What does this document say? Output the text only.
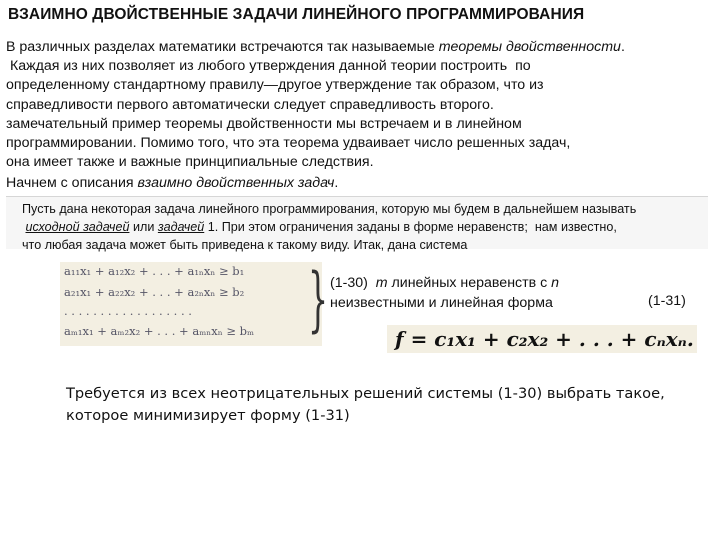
ВЗАИМНО ДВОЙСТВЕННЫЕ ЗАДАЧИ ЛИНЕЙНОГО ПРОГРАММИРОВАНИЯ
В различных разделах математики встречаются так называемые теоремы двойственности.
Каждая из них позволяет из любого утверждения данной теории построить  по
определенному стандартному правилу—другое утверждение так образом, что из
справедливости первого автоматически следует справедливость второго.
замечательный пример теоремы двойственности мы встречаем и в линейном
программировании. Помимо того, что эта теорема удваивает число решенных задач,
она имеет также и важные принципиальные следствия.
Начнем с описания взаимно двойственных задач.
Пусть дана некоторая задача линейного программирования, которую мы будем в дальнейшем называть
исходной задачей или задачей 1. При этом ограничения заданы в форме неравенств;  нам известно,
что любая задача может быть приведена к такому виду. Итак, дана система
a₁₁x₁ + a₁₂x₂ + . . . + a₁ₙxₙ ≥ b₁
a₂₁x₁ + a₂₂x₂ + . . . + a₂ₙxₙ ≥ b₂
. . . . . . . . . . . . . . . . . .
aₘ₁x₁ + aₘ₂x₂ + . . . + aₘₙxₙ ≥ bₘ } (1-30)  m линейных неравенств с n
неизвестными и линейная форма	(1-31)
f = c₁x₁ + c₂x₂ + . . . + cₙxₙ.
Требуется из всех неотрицательных решений системы (1-30) выбрать такое,
которое минимизирует форму (1-31)
